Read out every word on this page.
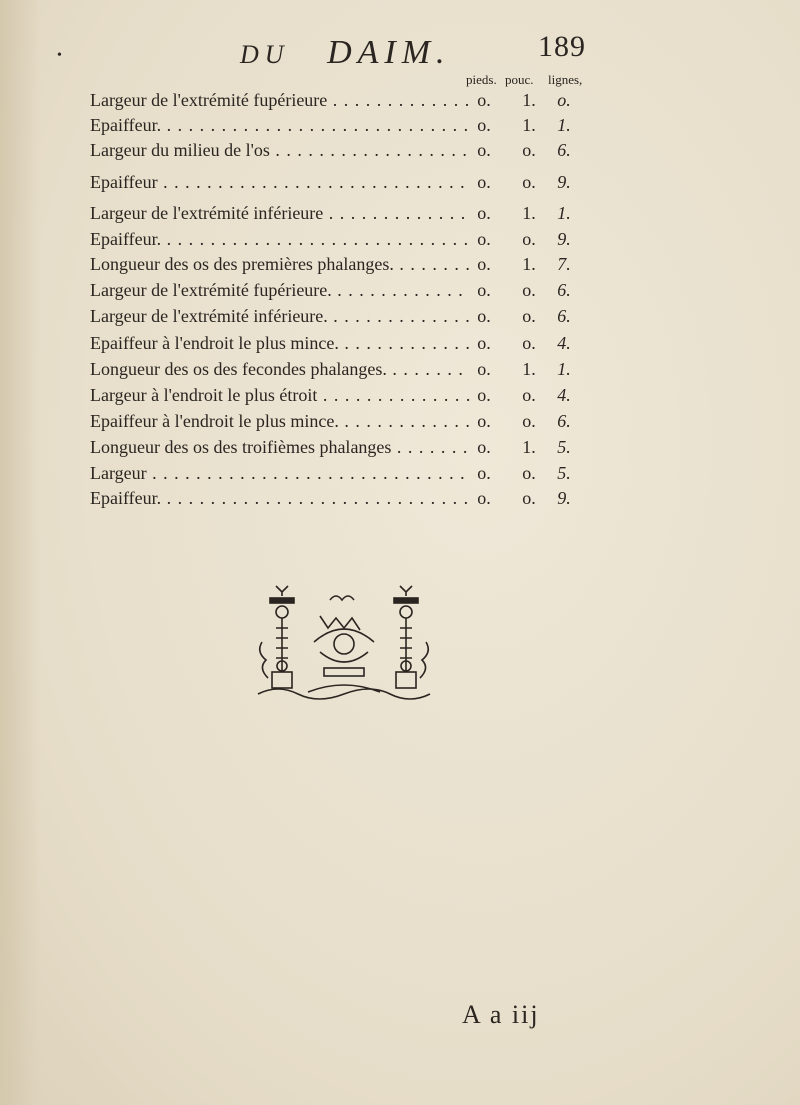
•	DU DAIM.	189
pieds. pouc. lignes,
Largeur de l'extrémité fupérieure . . .	o. 1. o.
Epaiffeur. . . .	o. 1. 1.
Largeur du milieu de l'os . . .	o. o. 6.
Epaiffeur . . .	o. o. 9.
Largeur de l'extrémité inférieure . . .	o. 1. 1.
Epaiffeur. . . .	o. o. 9.
Longueur des os des premières phalanges. . . .	o. 1. 7.
Largeur de l'extrémité fupérieure. . . .	o. o. 6.
Largeur de l'extrémité inférieure. . . .	o. o. 6.
Epaiffeur à l'endroit le plus mince. . . .	o. o. 4.
Longueur des os des fecondes phalanges. . . .	o. 1. 1.
Largeur à l'endroit le plus étroit . . .	o. o. 4.
Epaiffeur à l'endroit le plus mince. . . .	o. o. 6.
Longueur des os des troifièmes phalanges . . .	o. 1. 5.
Largeur . . .	o. o. 5.
Epaiffeur. . . .	o. o. 9.
A a iij
